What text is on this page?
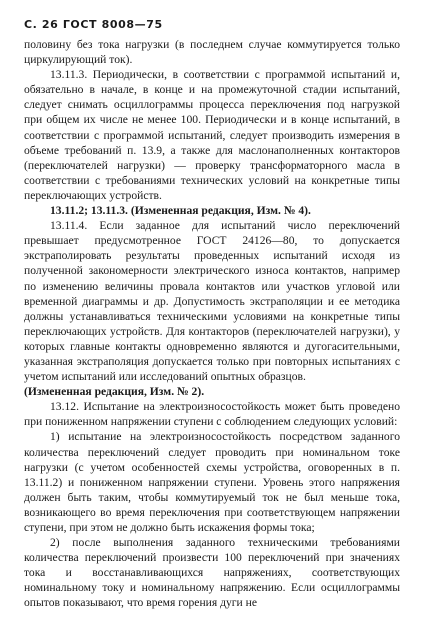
С. 26 ГОСТ 8008—75

половину без тока нагрузки (в последнем случае коммутируется только циркулирующий ток).

13.11.3. Периодически, в соответствии с программой испытаний и, обязательно в начале, в конце и на промежуточной стадии испытаний, следует снимать осциллограммы процесса переключения под нагрузкой при общем их числе не менее 100. Периодически и в конце испытаний, в соответствии с программой испытаний, следует производить измерения в объеме требований п. 13.9, а также для маслонаполненных контакторов (переключателей нагрузки) — проверку трансформаторного масла в соответствии с требованиями технических условий на конкретные типы переключающих устройств.

13.11.2; 13.11.3. (Измененная редакция, Изм. № 4).

13.11.4. Если заданное для испытаний число переключений превышает предусмотренное ГОСТ 24126—80, то допускается экстраполировать результаты проведенных испытаний исходя из полученной закономерности электрического износа контактов, например по изменению величины провала контактов или участков угловой или временной диаграммы и др. Допустимость экстраполяции и ее методика должны устанавливаться техническими условиями на конкретные типы переключающих устройств. Для контакторов (переключателей нагрузки), у которых главные контакты одновременно являются и дугогасительными, указанная экстраполяция допускается только при повторных испытаниях с учетом испытаний или исследований опытных образцов.

(Измененная редакция, Изм. № 2).

13.12. Испытание на электроизносостойкость может быть проведено при пониженном напряжении ступени с соблюдением следующих условий:

1) испытание на электроизносостойкость посредством заданного количества переключений следует проводить при номинальном токе нагрузки (с учетом особенностей схемы устройства, оговоренных в п. 13.11.2) и пониженном напряжении ступени. Уровень этого напряжения должен быть таким, чтобы коммутируемый ток не был меньше тока, возникающего во время переключения при соответствующем напряжении ступени, при этом не должно быть искажения формы тока;

2) после выполнения заданного техническими требованиями количества переключений произвести 100 переключений при значениях тока и восстанавливающихся напряжениях, соответствующих номинальному току и номинальному напряжению. Если осциллограммы опытов показывают, что время горения дуги не
